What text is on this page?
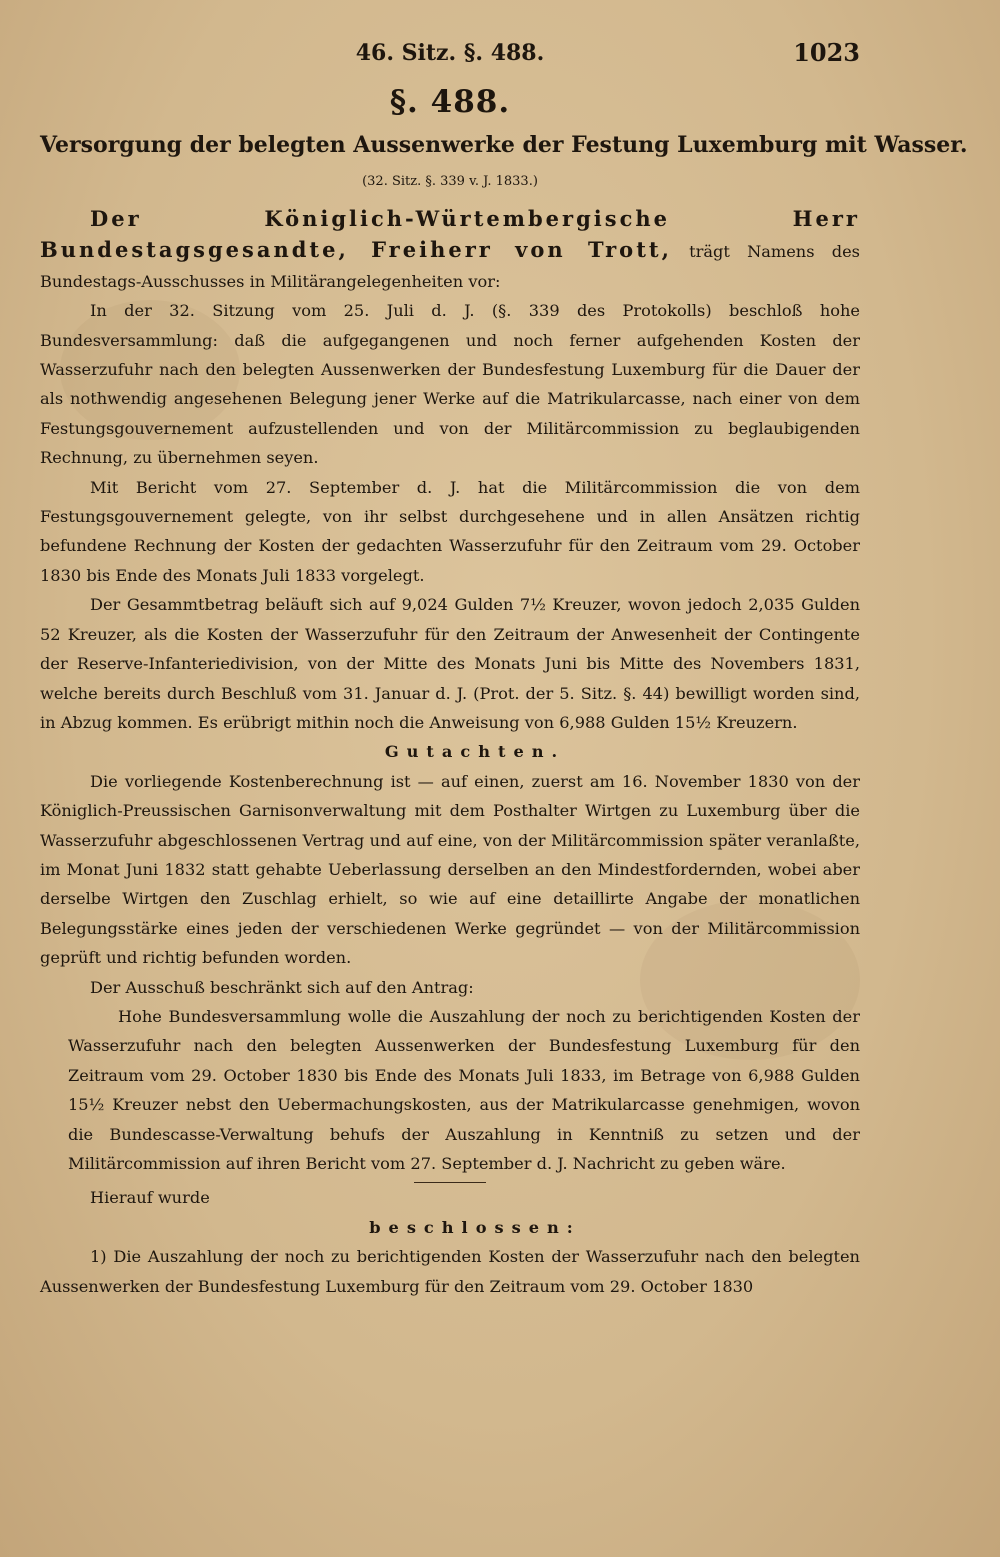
46. Sitz. §. 488.	1023
§. 488.
Versorgung der belegten Aussenwerke der Festung Luxemburg mit Wasser.
(32. Sitz. §. 339 v. J. 1833.)

Der Königlich-Würtembergische Herr Bundestagsgesandte, Freiherr von Trott, trägt Namens des Bundestags-Ausschusses in Militärangelegenheiten vor:

In der 32. Sitzung vom 25. Juli d. J. (§. 339 des Protokolls) beschloß hohe Bundesversammlung: daß die aufgegangenen und noch ferner aufgehenden Kosten der Wasserzufuhr nach den belegten Aussenwerken der Bundesfestung Luxemburg für die Dauer der als nothwendig angesehenen Belegung jener Werke auf die Matrikularcasse, nach einer von dem Festungsgouvernement aufzustellenden und von der Militärcommission zu beglaubigenden Rechnung, zu übernehmen seyen.

Mit Bericht vom 27. September d. J. hat die Militärcommission die von dem Festungsgouvernement gelegte, von ihr selbst durchgesehene und in allen Ansätzen richtig befundene Rechnung der Kosten der gedachten Wasserzufuhr für den Zeitraum vom 29. October 1830 bis Ende des Monats Juli 1833 vorgelegt.

Der Gesammtbetrag beläuft sich auf 9,024 Gulden 7½ Kreuzer, wovon jedoch 2,035 Gulden 52 Kreuzer, als die Kosten der Wasserzufuhr für den Zeitraum der Anwesenheit der Contingente der Reserve-Infanteriedivision, von der Mitte des Monats Juni bis Mitte des Novembers 1831, welche bereits durch Beschluß vom 31. Januar d. J. (Prot. der 5. Sitz. §. 44) bewilligt worden sind, in Abzug kommen. Es erübrigt mithin noch die Anweisung von 6,988 Gulden 15½ Kreuzern.

Gutachten.

Die vorliegende Kostenberechnung ist — auf einen, zuerst am 16. November 1830 von der Königlich-Preussischen Garnisonverwaltung mit dem Posthalter Wirtgen zu Luxemburg über die Wasserzufuhr abgeschlossenen Vertrag und auf eine, von der Militärcommission später veranlaßte, im Monat Juni 1832 statt gehabte Ueberlassung derselben an den Mindestfordernden, wobei aber derselbe Wirtgen den Zuschlag erhielt, so wie auf eine detaillirte Angabe der monatlichen Belegungsstärke eines jeden der verschiedenen Werke gegründet — von der Militärcommission geprüft und richtig befunden worden.

Der Ausschuß beschränkt sich auf den Antrag:

Hohe Bundesversammlung wolle die Auszahlung der noch zu berichtigenden Kosten der Wasserzufuhr nach den belegten Aussenwerken der Bundesfestung Luxemburg für den Zeitraum vom 29. October 1830 bis Ende des Monats Juli 1833, im Betrage von 6,988 Gulden 15½ Kreuzer nebst den Uebermachungskosten, aus der Matrikularcasse genehmigen, wovon die Bundescasse-Verwaltung behufs der Auszahlung in Kenntniß zu setzen und der Militärcommission auf ihren Bericht vom 27. September d. J. Nachricht zu geben wäre.

Hierauf wurde

beschlossen:

1) Die Auszahlung der noch zu berichtigenden Kosten der Wasserzufuhr nach den belegten Aussenwerken der Bundesfestung Luxemburg für den Zeitraum vom 29. October 1830
